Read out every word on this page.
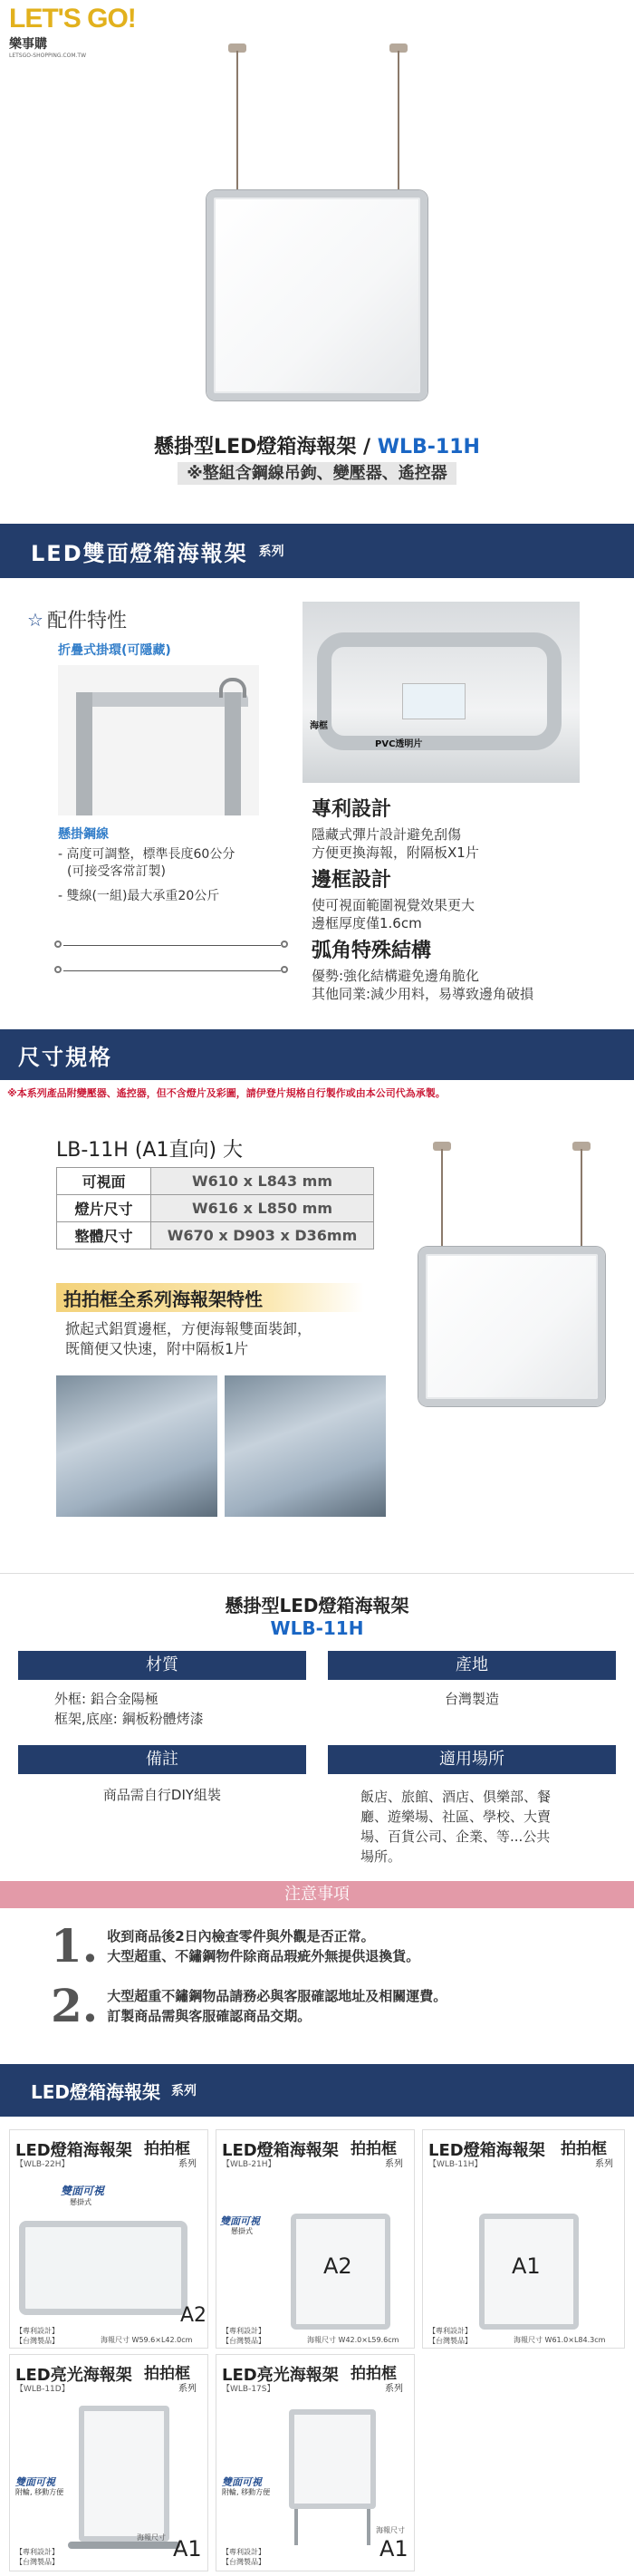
LET'S GO!
樂事購
LETSGO-SHOPPING.COM.TW
懸掛型LED燈箱海報架 / WLB-11H
※整組含鋼線吊鉤、變壓器、遙控器
LED雙面燈箱海報架 系列
☆ 配件特性
折疊式掛環(可隱藏)
懸掛鋼線
- 高度可調整，標準長度60公分
(可接受客常訂製)
- 雙線(一組)最大承重20公斤
海框
PVC透明片
專利設計
隱藏式彈片設計避免刮傷
方便更換海報，附隔板X1片
邊框設計
使可視面範圍視覺效果更大
邊框厚度僅1.6cm
弧角特殊結構
優勢:強化結構避免邊角脆化
其他同業:減少用料，易導致邊角破損
尺寸規格
※本系列產品附變壓器、遙控器，但不含燈片及彩圖，請伊登片規格自行製作或由本公司代為承製。
LB-11H (A1直向) 大
可視面	W610 x L843 mm
燈片尺寸	W616 x L850 mm
整體尺寸	W670 x D903 x D36mm
拍拍框全系列海報架特性
掀起式鋁質邊框，方便海報雙面裝卸，
既簡便又快速，附中隔板1片
懸掛型LED燈箱海報架
WLB-11H
材質	產地
外框: 鋁合金陽極
框架,底座: 鋼板粉體烤漆
台灣製造
備註	適用場所
商品需自行DIY組裝	飯店、旅館、酒店、俱樂部、餐
廳、遊樂場、社區、學校、大賣
場、百貨公司、企業、等...公共
場所。
注意事項
1. 收到商品後2日內檢查零件與外觀是否正常。
大型超重、不鏽鋼物件除商品瑕疵外無提供退換貨。
2. 大型超重不鏽鋼物品請務必與客服確認地址及相關運費。
訂製商品需與客服確認商品交期。
LED燈箱海報架 系列
LED燈箱海報架
【WLB-22H】
拍拍框
系列
雙面可視
懸掛式
A2
【專利設計】
【台灣製品】	海報尺寸 W59.6×L42.0cm
LED燈箱海報架
【WLB-21H】
拍拍框
系列
雙面可視
懸掛式
A2
【專利設計】
【台灣製品】	海報尺寸 W42.0×L59.6cm
LED燈箱海報架
【WLB-11H】
拍拍框
系列
A1
【專利設計】
【台灣製品】	海報尺寸 W61.0×L84.3cm
LED亮光海報架
【WLB-11D】
拍拍框
系列
雙面可視
附輪, 移動方便
A1
【專利設計】
【台灣製品】
海報尺寸
LED亮光海報架
【WLB-17S】
拍拍框
系列
雙面可視
附輪, 移動方便
A1
【專利設計】
【台灣製品】
海報尺寸
